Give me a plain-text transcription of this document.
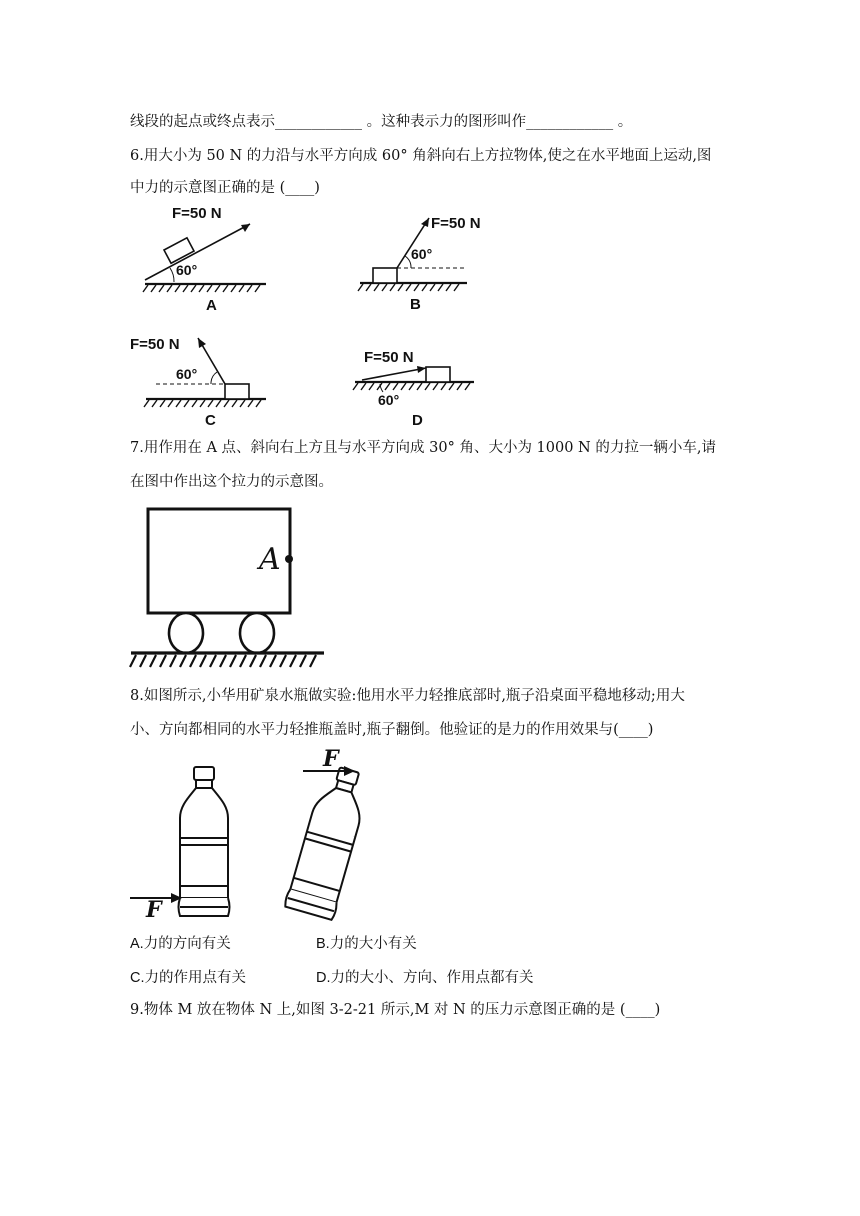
线段的起点或终点表示____________ 。这种表示力的图形叫作____________ 。
6.用大小为 50 N 的力沿与水平方向成 60° 角斜向右上方拉物体,使之在水平地面上运动,图
中力的示意图正确的是 (____)
F=50 N
60°
A
F=50 N
60°
B
F=50 N
60°
C
F=50 N
60°
D
7.用作用在 A 点、斜向右上方且与水平方向成 30° 角、大小为 1000 N 的力拉一辆小车,请
在图中作出这个拉力的示意图。
A
8.如图所示,小华用矿泉水瓶做实验:他用水平力轻推底部时,瓶子沿桌面平稳地移动;用大
小、方向都相同的水平力轻推瓶盖时,瓶子翻倒。他验证的是力的作用效果与(____)
F
F
A.力的方向有关	B.力的大小有关
C.力的作用点有关	D.力的大小、方向、作用点都有关
9.物体 M 放在物体 N 上,如图 3-2-21 所示,M 对 N 的压力示意图正确的是 (____)
